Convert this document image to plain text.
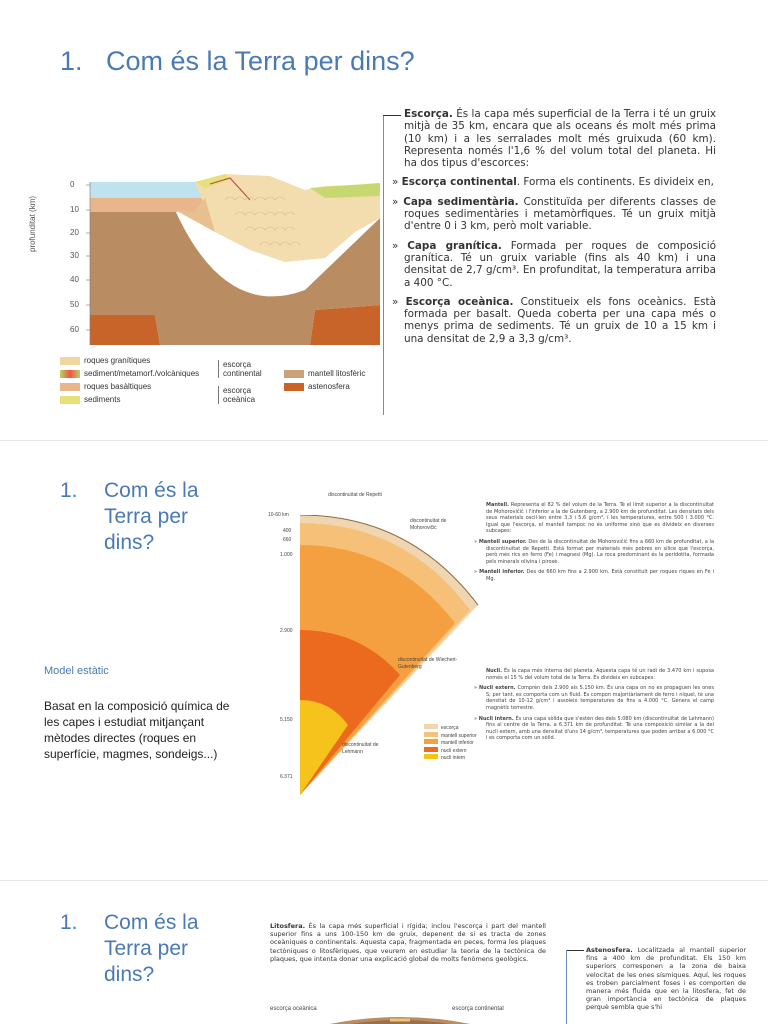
1. Com és la Terra per dins?
0
10
20
30
40
50
60
profunditat (km)
roques granítiques
sediment/metamorf./volcàniques
roques basàltiques
sediments
escorça continental
escorça oceànica
mantell litosfèric
astenosfera

Escorça. És la capa més superficial de la Terra i té un gruix mitjà de 35 km, encara que als oceans és molt més prima (10 km) i a les serralades molt més gruixuda (60 km). Representa només l'1,6 % del volum total del planeta. Hi ha dos tipus d'escorces:

» Escorça continental. Forma els continents. Es divideix en,

» Capa sedimentària. Constituïda per diferents classes de roques sedimentàries i metamòrfiques. Té un gruix mitjà d'entre 0 i 3 km, però molt variable.

» Capa granítica. Formada per roques de composició granítica. Té un gruix variable (fins als 40 km) i una densitat de 2,7 g/cm³. En profunditat, la temperatura arriba a 400 °C.

» Escorça oceànica. Constitueix els fons oceànics. Està formada per basalt. Queda coberta per una capa més o menys prima de sediments. Té un gruix de 10 a 15 km i una densitat de 2,9 a 3,3 g/cm³.

1. Com és la
Terra per
dins?
Model estàtic
Basat en la composició química de les capes i estudiat mitjançant mètodes directes (roques en superfície, magmes, sondeigs...)
10-60 km
400
660
1.000
2.900
5.150
6.371
discontinuïtat de Repetti
discontinuïtat de Mohorovičić
discontinuïtat de Wiechert-Gutenberg
discontinuïtat de Lehmann
escorça
mantell superior
mantell inferior
nucli extern
nucli intern

Mantell. Representa el 82 % del volum de la Terra. Té el límit superior a la discontinuïtat de Mohorovičić i l'inferior a la de Gutenberg, a 2.900 km de profunditat. Les densitats dels seus materials oscil·len entre 3,3 i 5,6 g/cm³, i les temperatures, entre 500 i 3.000 °C. Igual que l'escorça, el mantell tampoc no és uniforme sinó que es divideix en diverses subcapes:

» Mantell superior. Des de la discontinuïtat de Mohorovičić fins a 660 km de profunditat, a la discontinuïtat de Repetti. Està format per materials més pobres en silice que l'escorça, però més rics en ferro (Fe) i magnesi (Mg). La roca predominant és la peridotita, formada pels minerals olivina i piroxè.

» Mantell inferior. Des de 660 km fins a 2.900 km. Està constituït per roques riques en Fe i Mg.

Nucli. És la capa més interna del planeta. Aquesta capa té un radi de 3.470 km i suposa només el 15 % del volum total de la Terra. Es divideix en subcapes:

» Nucli extern. Comprèn dels 2.900 als 5.150 km. És una capa on no es propaguen les ones S; per tant, es comporta com un fluid. Es compon majoritàriament de ferro i níquel, té una densitat de 10-12 g/cm³ i assoleix temperatures de fins a 4.000 °C. Genera el camp magnètic terrestre.

» Nucli intern. És una capa sòlida que s'estén des dels 5.080 km (discontinuïtat de Lehmann) fins al centre de la Terra, a 6.371 km de profunditat. Té una composició similar a la del nucli extern, amb una densitat d'uns 14 g/cm³, temperatures que poden arribar a 6.000 °C i es comporta com un sòlid.

1. Com és la
Terra per
dins?
Litosfera. És la capa més superficial i rígida; inclou l'escorça i part del mantell superior fins a uns 100-150 km de gruix, depenent de si es tracta de zones oceàniques o continentals. Aquesta capa, fragmentada en peces, forma les plaques tectòniques o litosfèriques, que veurem en estudiar la teoria de la tectònica de plaques, que intenta donar una explicació global de molts fenòmens geològics.
escorça oceànica	escorça continental
Astenosfera. Localitzada al mantell superior fins a 400 km de profunditat. Els 150 km superiors corresponen a la zona de baixa velocitat de les ones sísmiques. Aquí, les roques es troben parcialment foses i es comporten de manera més fluida que en la litosfera, fet de gran importància en tectònica de plaques perquè sembla que s'hi
